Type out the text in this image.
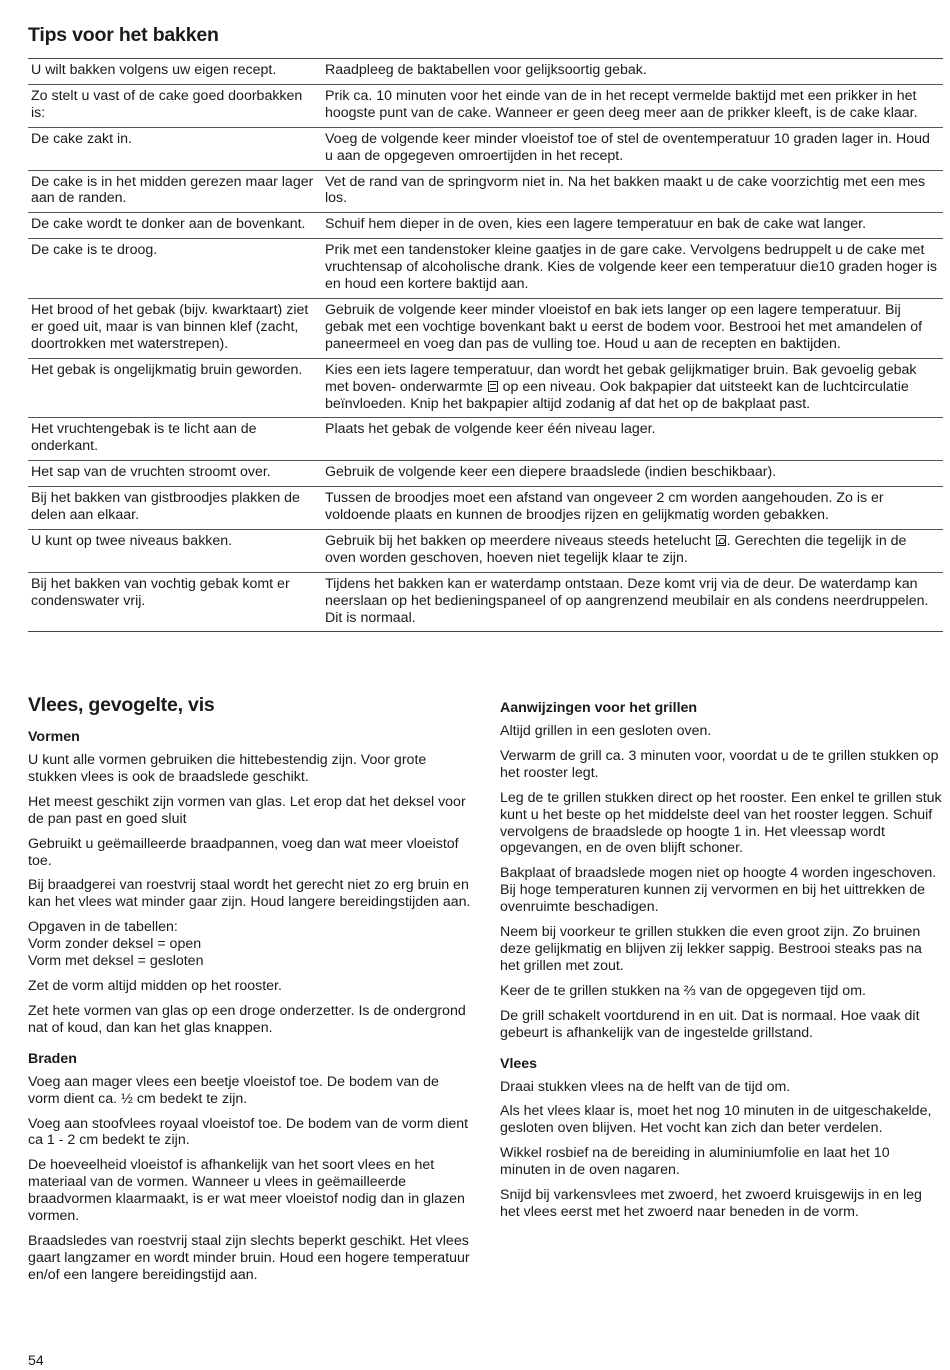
Tips voor het bakken
U wilt bakken volgens uw eigen recept.	Raadpleeg de baktabellen voor gelijksoortig gebak.
Zo stelt u vast of de cake goed doorbakken is:	Prik ca. 10 minuten voor het einde van de in het recept vermelde baktijd met een prikker in het hoogste punt van de cake. Wanneer er geen deeg meer aan de prikker kleeft, is de cake klaar.
De cake zakt in.	Voeg de volgende keer minder vloeistof toe of stel de oventemperatuur 10 graden lager in. Houd u aan de opgegeven omroertijden in het recept.
De cake is in het midden gerezen maar lager aan de randen.	Vet de rand van de springvorm niet in. Na het bakken maakt u de cake voorzichtig met een mes los.
De cake wordt te donker aan de bovenkant.	Schuif hem dieper in de oven, kies een lagere temperatuur en bak de cake wat langer.
De cake is te droog.	Prik met een tandenstoker kleine gaatjes in de gare cake. Vervolgens bedruppelt u de cake met vruchtensap of alcoholische drank. Kies de volgende keer een temperatuur die10 graden hoger is en houd een kortere baktijd aan.
Het brood of het gebak (bijv. kwarktaart) ziet er goed uit, maar is van binnen klef (zacht, doortrokken met waterstrepen).	Gebruik de volgende keer minder vloeistof en bak iets langer op een lagere temperatuur. Bij gebak met een vochtige bovenkant bakt u eerst de bodem voor. Bestrooi het met amandelen of paneermeel en voeg dan pas de vulling toe. Houd u aan de recepten en baktijden.
Het gebak is ongelijkmatig bruin geworden.	Kies een iets lagere temperatuur, dan wordt het gebak gelijkmatiger bruin. Bak gevoelig gebak met boven- onderwarmte  op een niveau. Ook bakpapier dat uitsteekt kan de luchtcirculatie beïnvloeden. Knip het bakpapier altijd zodanig af dat het op de bakplaat past.
Het vruchtengebak is te licht aan de onderkant.	Plaats het gebak de volgende keer één niveau lager.
Het sap van de vruchten stroomt over.	Gebruik de volgende keer een diepere braadslede (indien beschikbaar).
Bij het bakken van gistbroodjes plakken de delen aan elkaar.	Tussen de broodjes moet een afstand van ongeveer 2 cm worden aangehouden. Zo is er voldoende plaats en kunnen de broodjes rijzen en gelijkmatig worden gebakken.
U kunt op twee niveaus bakken.	Gebruik bij het bakken op meerdere niveaus steeds hetelucht . Gerechten die tegelijk in de oven worden geschoven, hoeven niet tegelijk klaar te zijn.
Bij het bakken van vochtig gebak komt er condenswater vrij.	Tijdens het bakken kan er waterdamp ontstaan. Deze komt vrij via de deur. De waterdamp kan neerslaan op het bedieningspaneel of op aangrenzend meubilair en als condens neerdruppelen. Dit is normaal.
Vlees, gevogelte, vis
Vormen

U kunt alle vormen gebruiken die hittebestendig zijn. Voor grote stukken vlees is ook de braadslede geschikt.

Het meest geschikt zijn vormen van glas. Let erop dat het deksel voor de pan past en goed sluit

Gebruikt u geëmailleerde braadpannen, voeg dan wat meer vloeistof toe.

Bij braadgerei van roestvrij staal wordt het gerecht niet zo erg bruin en kan het vlees wat minder gaar zijn. Houd langere bereidingstijden aan.

Opgaven in de tabellen:
Vorm zonder deksel = open
Vorm met deksel = gesloten

Zet de vorm altijd midden op het rooster.

Zet hete vormen van glas op een droge onderzetter. Is de ondergrond nat of koud, dan kan het glas knappen.

Braden

Voeg aan mager vlees een beetje vloeistof toe. De bodem van de vorm dient ca. ½ cm bedekt te zijn.

Voeg aan stoofvlees royaal vloeistof toe. De bodem van de vorm dient ca 1 - 2 cm bedekt te zijn.

De hoeveelheid vloeistof is afhankelijk van het soort vlees en het materiaal van de vormen. Wanneer u vlees in geëmailleerde braadvormen klaarmaakt, is er wat meer vloeistof nodig dan in glazen vormen.

Braadsledes van roestvrij staal zijn slechts beperkt geschikt. Het vlees gaart langzamer en wordt minder bruin. Houd een hogere temperatuur en/of een langere bereidingstijd aan.

Aanwijzingen voor het grillen

Altijd grillen in een gesloten oven.

Verwarm de grill ca. 3 minuten voor, voordat u de te grillen stukken op het rooster legt.

Leg de te grillen stukken direct op het rooster. Een enkel te grillen stuk kunt u het beste op het middelste deel van het rooster leggen. Schuif vervolgens de braadslede op hoogte 1 in. Het vleessap wordt opgevangen, en de oven blijft schoner.

Bakplaat of braadslede mogen niet op hoogte 4 worden ingeschoven. Bij hoge temperaturen kunnen zij vervormen en bij het uittrekken de ovenruimte beschadigen.

Neem bij voorkeur te grillen stukken die even groot zijn. Zo bruinen deze gelijkmatig en blijven zij lekker sappig. Bestrooi steaks pas na het grillen met zout.

Keer de te grillen stukken na ⅔ van de opgegeven tijd om.

De grill schakelt voortdurend in en uit. Dat is normaal. Hoe vaak dit gebeurt is afhankelijk van de ingestelde grillstand.

Vlees

Draai stukken vlees na de helft van de tijd om.

Als het vlees klaar is, moet het nog 10 minuten in de uitgeschakelde, gesloten oven blijven. Het vocht kan zich dan beter verdelen.

Wikkel rosbief na de bereiding in aluminiumfolie en laat het 10 minuten in de oven nagaren.

Snijd bij varkensvlees met zwoerd, het zwoerd kruisgewijs in en leg het vlees eerst met het zwoerd naar beneden in de vorm.

54
